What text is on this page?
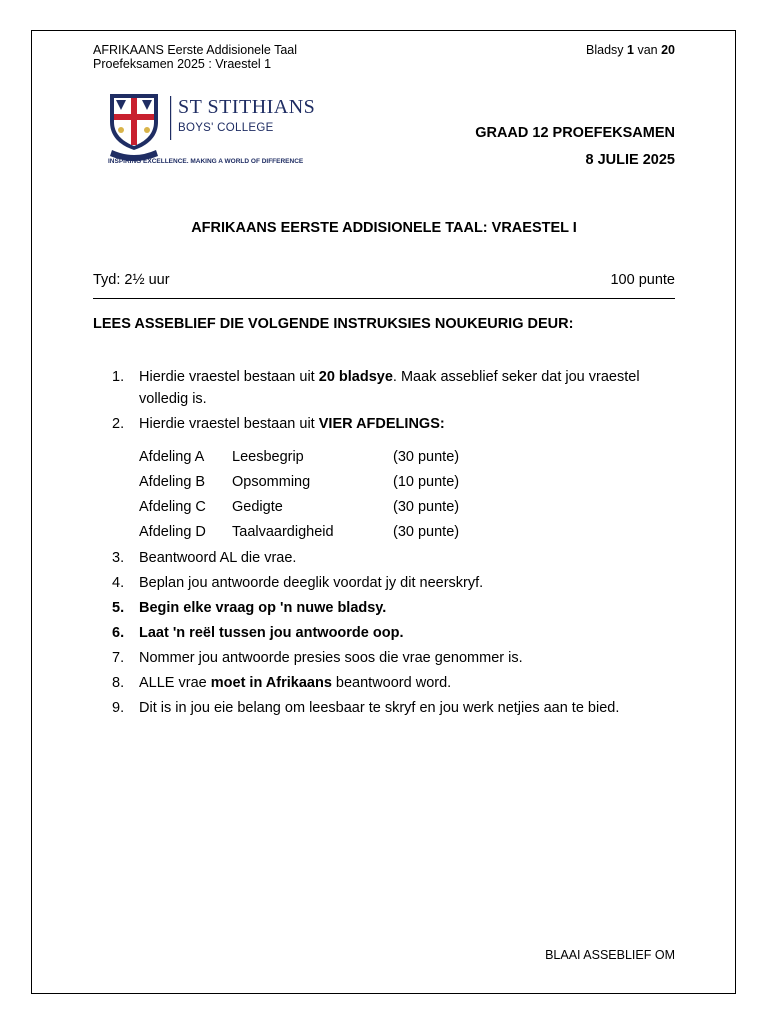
AFRIKAANS Eerste Addisionele Taal
Proefeksamen 2025 : Vraestel 1
Bladsy 1 van 20
ST STITHIANS
BOYS' COLLEGE
INSPIRING EXCELLENCE. MAKING A WORLD OF DIFFERENCE
GRAAD 12 PROEFEKSAMEN
8 JULIE 2025
AFRIKAANS EERSTE ADDISIONELE TAAL: VRAESTEL I
Tyd: 2½ uur	100 punte
LEES ASSEBLIEF DIE VOLGENDE INSTRUKSIES NOUKEURIG DEUR:
1.	Hierdie vraestel bestaan uit 20 bladsye. Maak asseblief seker dat jou vraestel volledig is.
2.	Hierdie vraestel bestaan uit VIER AFDELINGS:
Afdeling A	Leesbegrip	(30 punte)
Afdeling B	Opsomming	(10 punte)
Afdeling C	Gedigte	(30 punte)
Afdeling D	Taalvaardigheid	(30 punte)
3.	Beantwoord AL die vrae.
4.	Beplan jou antwoorde deeglik voordat jy dit neerskryf.
5.	Begin elke vraag op 'n nuwe bladsy.
6.	Laat 'n reël tussen jou antwoorde oop.
7.	Nommer jou antwoorde presies soos die vrae genommer is.
8.	ALLE vrae moet in Afrikaans beantwoord word.
9.	Dit is in jou eie belang om leesbaar te skryf en jou werk netjies aan te bied.
BLAAI ASSEBLIEF OM
